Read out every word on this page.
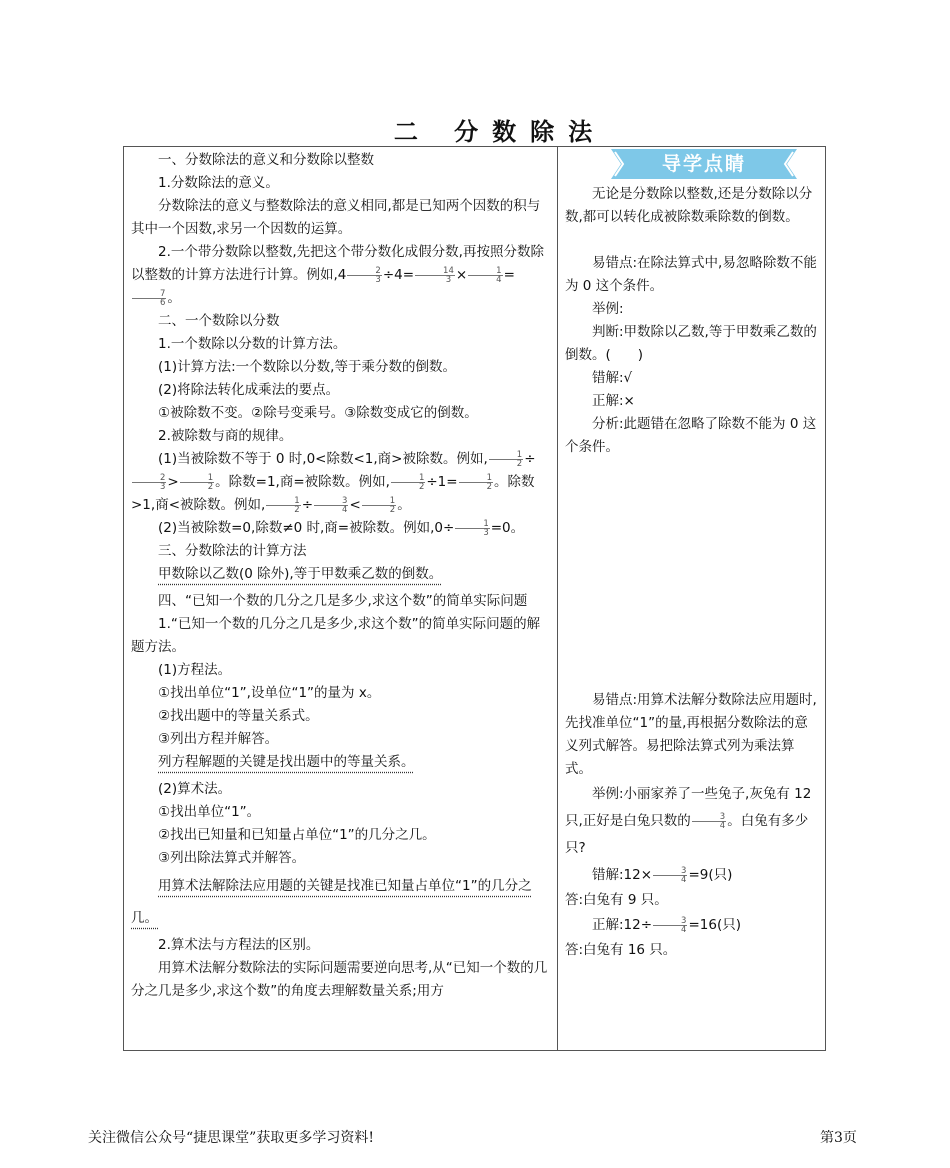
二 分数除法

一、分数除法的意义和分数除以整数

1.分数除法的意义。

分数除法的意义与整数除法的意义相同,都是已知两个因数的积与其中一个因数,求另一个因数的运算。

2.一个带分数除以整数,先把这个带分数化成假分数,再按照分数除以整数的计算方法进行计算。例如$,4 \frac{2}{3} \div 4= \frac{14}{3} \times \frac{1}{4}$ =
$\frac{7}{6}$ 。

二、一个数除以分数

1.一个数除以分数的计算方法。

(1)计算方法:一个数除以分数,等于乘分数的倒数。

(2)将除法转化成乘法的要点。

①被除数不变。②除号变乘号。③除数变成它的倒数。

2.被除数与商的规律。

(1)当被除数不等于 0 时,0<除数<1,商>被除数。例如, $\frac{1}{2}$ ÷
$\frac{2}{3} > \frac{1}{2}$ 。除数=1,商=被除数。例如, $\frac{1}{2} \div 1= \frac{1}{2}$ 。除数>1,商<被除数。例如, $\frac{1}{2} \div \frac{3}{4} < \frac{1}{2}$ 。

(2)当被除数=0,除数≠0 时,商=被除数。例如$,0\div \frac{1}{3} =0$。

三、分数除法的计算方法

甲数除以乙数(0 除外),等于甲数乘乙数的倒数。

四、“已知一个数的几分之几是多少,求这个数”的简单实际问题

1.“已知一个数的几分之几是多少,求这个数”的简单实际问题的解题方法。

(1)方程法。

①找出单位“1”,设单位“1”的量为 x。

②找出题中的等量关系式。

③列出方程并解答。

列方程解题的关键是找出题中的等量关系。

(2)算术法。

①找出单位“1”。

②找出已知量和已知量占单位“1”的几分之几。

③列出除法算式并解答。

用算术法解除法应用题的关键是找准已知量占单位“1”的几分之几。

2.算术法与方程法的区别。

用算术法解分数除法的实际问题需要逆向思考,从“已知一个数的几分之几是多少,求这个数”的角度去理解数量关系;用方

导学点睛

无论是分数除以整数,还是分数除以分数,都可以转化成被除数乘除数的倒数。

易错点:在除法算式中,易忽略除数不能为 0 这个条件。

举例:

判断:甲数除以乙数,等于甲数乘乙数的倒数。(　　)

错解:√

正解:×

分析:此题错在忽略了除数不能为 0 这个条件。

易错点:用算术法解分数除法应用题时,先找准单位“1”的量,再根据分数除法的意义列式解答。易把除法算式列为乘法算式。

举例:小丽家养了一些兔子,灰兔有 12 只,正好是白兔只数的 $\frac{3}{4}$ 。白兔有多少只?

错解:12× $\frac{3}{4} =9$(只)

答:白兔有 9 只。

正解:12÷ $\frac{3}{4} =16$(只)

答:白兔有 16 只。

关注微信公众号“捷思课堂”获取更多学习资料!	第3页
